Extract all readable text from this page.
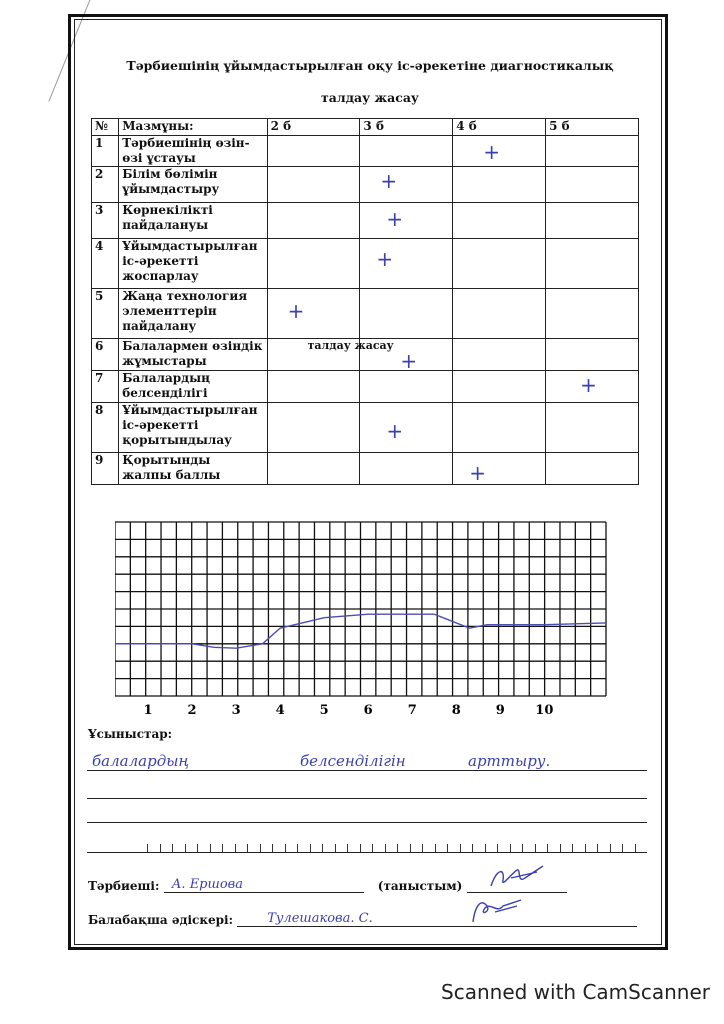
Тәрбиешінің ұйымдастырылған оқу іс-әрекетіне диагностикалық
талдау жасау
№	Мазмұны:	2 б	3 б	4 б	5 б
1	Тәрбиешінің өзін-өзі ұстауы			+	

2	Білім бөлімін ұйымдастыру		+		

3	Көрнекілікті пайдалануы		+		

4	Ұйымдастырылған іс-әрекетті жоспарлау		+		

5	Жаңа технология элементтерін пайдалану	+			

6	Балалармен өзіндік жұмыстары	талдау жасау	+		

7	Балалардың белсенділігі				+

8	Ұйымдастырылған іс-әрекетті қорытындылау		+		

9	Қорытынды жалпы баллы			+	

1	2	3	4	5	6	7	8	9 10
Ұсыныстар:
балалардың	белсенділігін	арттыру.
Тәрбиеші: А. Ершова	(таныстым)
Балабақша әдіскері:	Тулешакова. С.
Scanned with CamScanner
